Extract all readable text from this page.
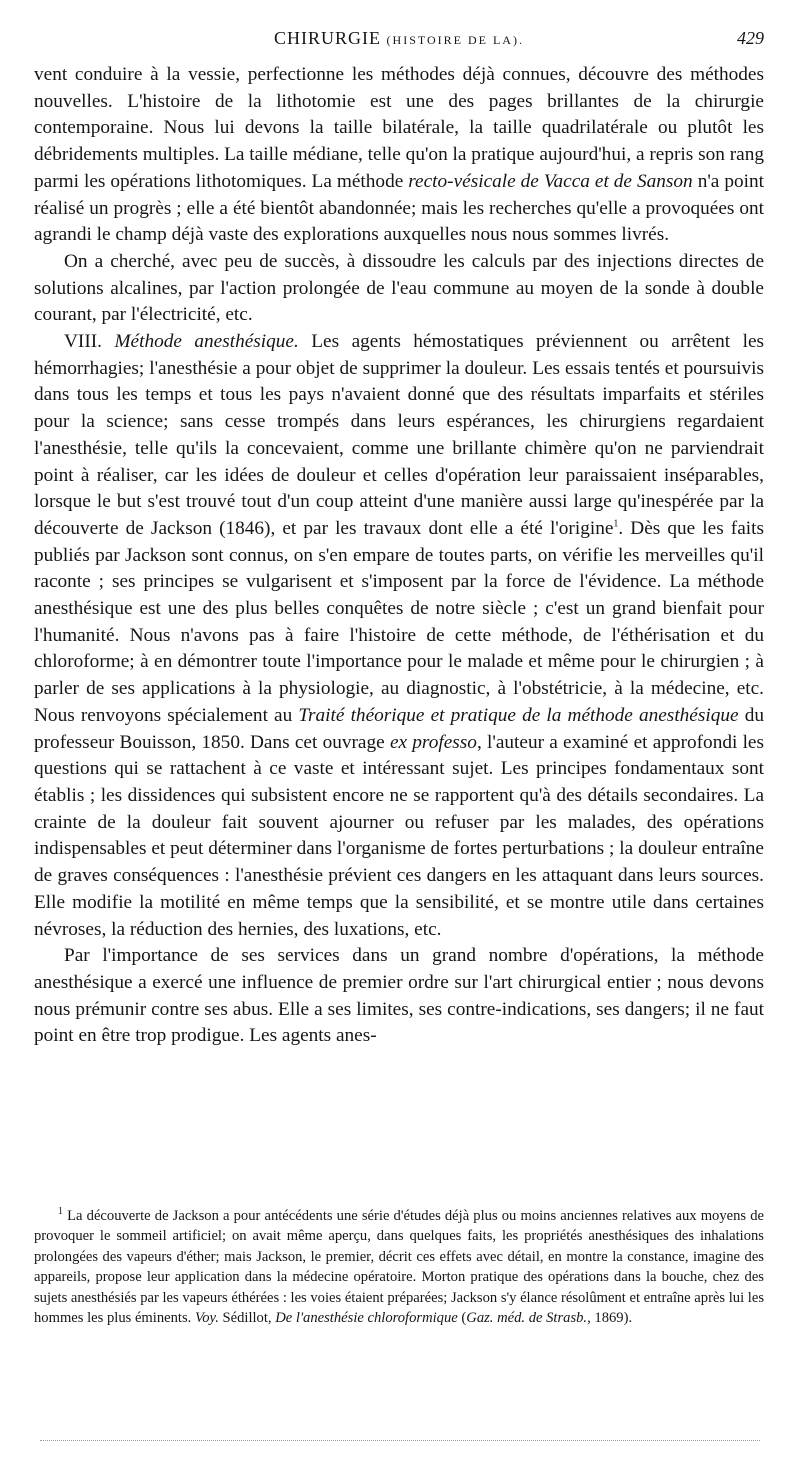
CHIRURGIE (HISTOIRE DE LA).	429

vent conduire à la vessie, perfectionne les méthodes déjà connues, découvre des méthodes nouvelles. L'histoire de la lithotomie est une des pages brillantes de la chirurgie contemporaine. Nous lui devons la taille bilatérale, la taille quadrilatérale ou plutôt les débridements multiples. La taille médiane, telle qu'on la pratique aujourd'hui, a repris son rang parmi les opérations lithotomiques. La méthode recto-vésicale de Vacca et de Sanson n'a point réalisé un progrès ; elle a été bientôt abandonnée; mais les recherches qu'elle a provoquées ont agrandi le champ déjà vaste des explorations auxquelles nous nous sommes livrés.

On a cherché, avec peu de succès, à dissoudre les calculs par des injections directes de solutions alcalines, par l'action prolongée de l'eau commune au moyen de la sonde à double courant, par l'électricité, etc.

VIII. Méthode anesthésique. Les agents hémostatiques préviennent ou arrêtent les hémorrhagies; l'anesthésie a pour objet de supprimer la douleur. Les essais tentés et poursuivis dans tous les temps et tous les pays n'avaient donné que des résultats imparfaits et stériles pour la science; sans cesse trompés dans leurs espérances, les chirurgiens regardaient l'anesthésie, telle qu'ils la concevaient, comme une brillante chimère qu'on ne parviendrait point à réaliser, car les idées de douleur et celles d'opération leur paraissaient inséparables, lorsque le but s'est trouvé tout d'un coup atteint d'une manière aussi large qu'inespérée par la découverte de Jackson (1846), et par les travaux dont elle a été l'origine$^1$. Dès que les faits publiés par Jackson sont connus, on s'en empare de toutes parts, on vérifie les merveilles qu'il raconte ; ses principes se vulgarisent et s'imposent par la force de l'évidence. La méthode anesthésique est une des plus belles conquêtes de notre siècle ; c'est un grand bienfait pour l'humanité. Nous n'avons pas à faire l'histoire de cette méthode, de l'éthérisation et du chloroforme; à en démontrer toute l'importance pour le malade et même pour le chirurgien ; à parler de ses applications à la physiologie, au diagnostic, à l'obstétricie, à la médecine, etc. Nous renvoyons spécialement au Traité théorique et pratique de la méthode anesthésique du professeur Bouisson, 1850. Dans cet ouvrage ex professo, l'auteur a examiné et approfondi les questions qui se rattachent à ce vaste et intéressant sujet. Les principes fondamentaux sont établis ; les dissidences qui subsistent encore ne se rapportent qu'à des détails secondaires. La crainte de la douleur fait souvent ajourner ou refuser par les malades, des opérations indispensables et peut déterminer dans l'organisme de fortes perturbations ; la douleur entraîne de graves conséquences : l'anesthésie prévient ces dangers en les attaquant dans leurs sources. Elle modifie la motilité en même temps que la sensibilité, et se montre utile dans certaines névroses, la réduction des hernies, des luxations, etc.

Par l'importance de ses services dans un grand nombre d'opérations, la méthode anesthésique a exercé une influence de premier ordre sur l'art chirurgical entier ; nous devons nous prémunir contre ses abus. Elle a ses limites, ses contre-indications, ses dangers; il ne faut point en être trop prodigue. Les agents anes-

$^1$ La découverte de Jackson a pour antécédents une série d'études déjà plus ou moins anciennes relatives aux moyens de provoquer le sommeil artificiel; on avait même aperçu, dans quelques faits, les propriétés anesthésiques des inhalations prolongées des vapeurs d'éther; mais Jackson, le premier, décrit ces effets avec détail, en montre la constance, imagine des appareils, propose leur application dans la médecine opératoire. Morton pratique des opérations dans la bouche, chez des sujets anesthésiés par les vapeurs éthérées : les voies étaient préparées; Jackson s'y élance résolûment et entraîne après lui les hommes les plus éminents. Voy. Sédillot, De l'anesthésie chloroformique (Gaz. méd. de Strasb., 1869).
